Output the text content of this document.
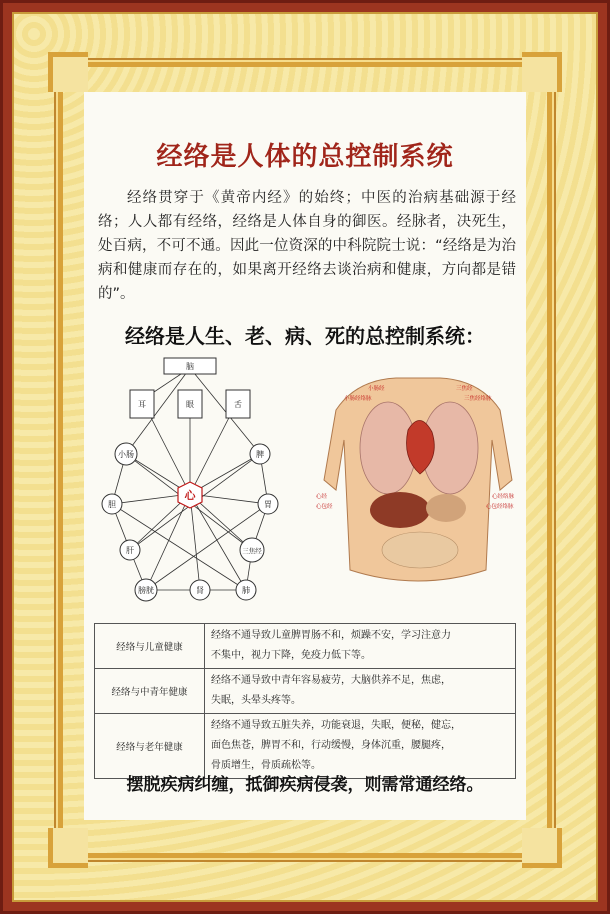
经络是人体的总控制系统
经络贯穿于《黄帝内经》的始终；中医的治病基础源于经络；人人都有经络，经络是人体自身的御医。经脉者，决死生，处百病，不可不通。因此一位资深的中科院院士说：“经络是为治病和健康而存在的，如果离开经络去谈治病和健康，方向都是错的”。
经络是人生、老、病、死的总控制系统：
脑
耳	眼	舌
心
小肠	脾
胆	胃
肝	三焦经
膀胱	肾	肺
小肠经	三焦经
小肠经络脉	三焦经络脉
心经
心包经	心包经络脉
心经络脉
经络与儿童健康	经络不通导致儿童脾胃肠不和，烦躁不安，学习注意力
不集中，视力下降，免疫力低下等。

经络与中青年健康	经络不通导致中青年容易疲劳，大脑供养不足，焦虑，
失眠，头晕头疼等。

经络与老年健康	经络不通导致五脏失养，功能衰退，失眠，便秘，健忘，
面色焦苍，脾胃不和，行动缓慢，身体沉重，腰腿疼，
骨质增生，骨质疏松等。
摆脱疾病纠缠，抵御疾病侵袭，则需常通经络。
